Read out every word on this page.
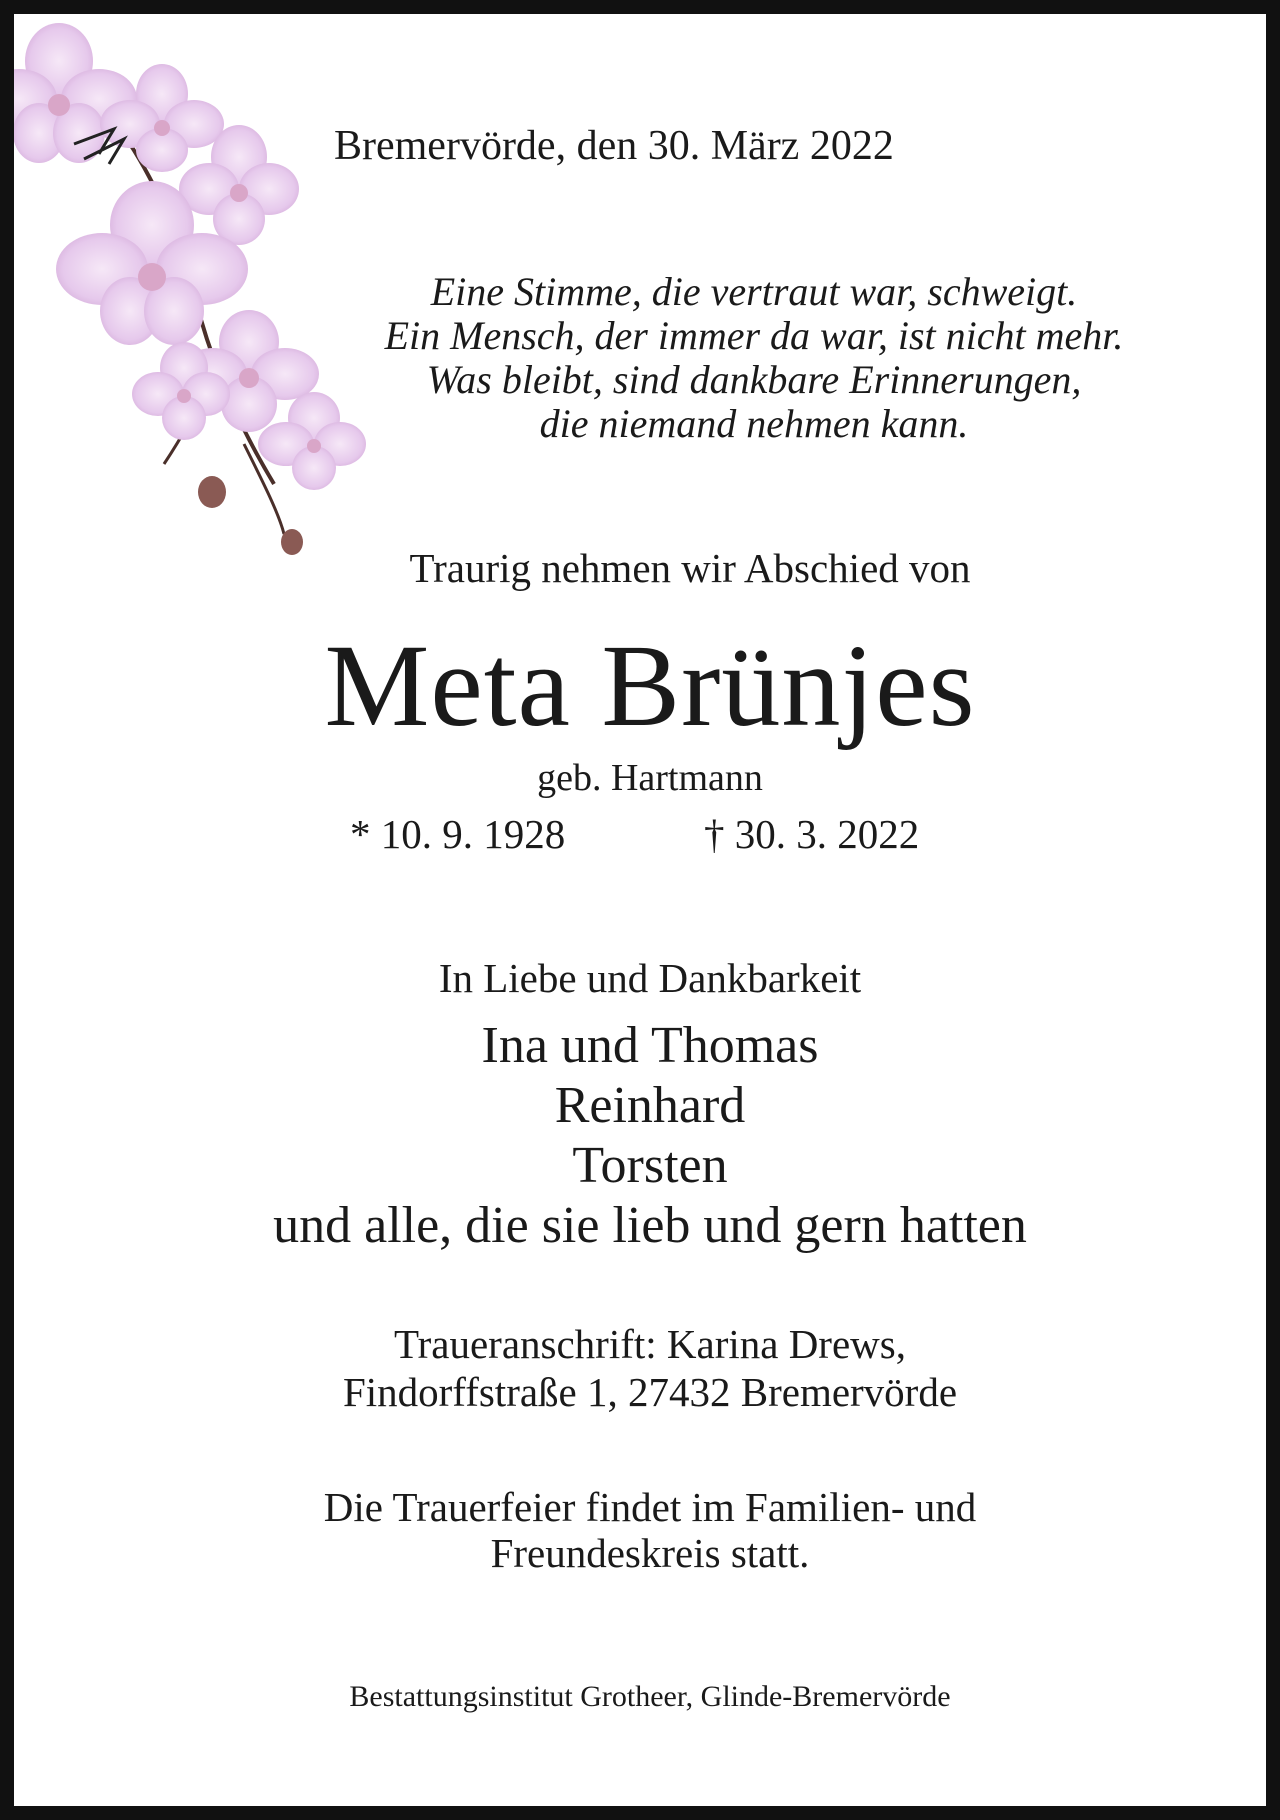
Bremervörde, den 30. März 2022
Eine Stimme, die vertraut war, schweigt.
Ein Mensch, der immer da war, ist nicht mehr.
Was bleibt, sind dankbare Erinnerungen,
die niemand nehmen kann.
Traurig nehmen wir Abschied von
Meta Brünjes
geb. Hartmann
* 10. 9. 1928	† 30. 3. 2022
In Liebe und Dankbarkeit
Ina und Thomas
Reinhard
Torsten
und alle, die sie lieb und gern hatten
Traueranschrift: Karina Drews,
Findorffstraße 1, 27432 Bremervörde
Die Trauerfeier findet im Familien- und
Freundeskreis statt.
Bestattungsinstitut Grotheer, Glinde-Bremervörde
